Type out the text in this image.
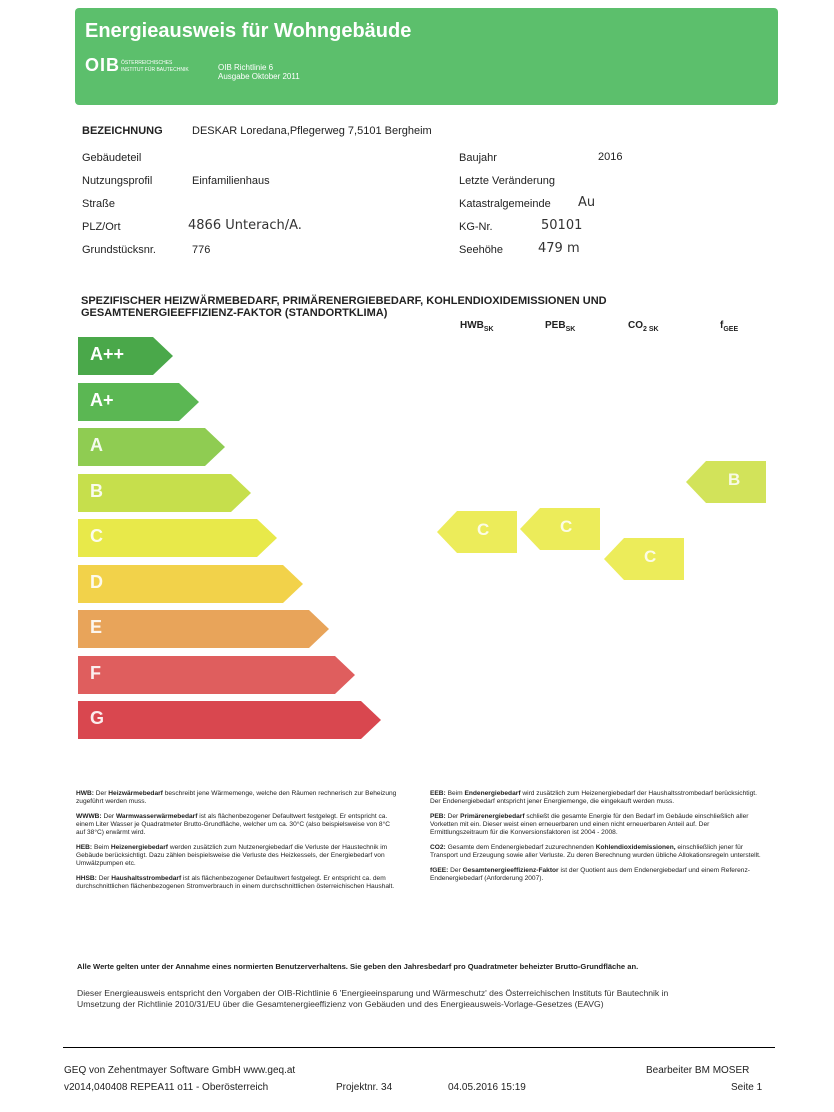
Energieausweis für Wohngebäude
OIB ÖSTERREICHISCHES
INSTITUT FÜR BAUTECHNIK	OIB Richtlinie 6
Ausgabe Oktober 2011
BEZEICHNUNG	DESKAR Loredana,Pflegerweg 7,5101 Bergheim
Gebäudeteil
Nutzungsprofil	Einfamilienhaus
Straße
PLZ/Ort	4866 Unterach/A.
Grundstücksnr.	776
Baujahr	2016
Letzte Veränderung
Katastralgemeinde Au
KG-Nr.	50101
Seehöhe	479 m
SPEZIFISCHER HEIZWÄRMEBEDARF, PRIMÄRENERGIEBEDARF, KOHLENDIOXIDEMISSIONEN UND
GESAMTENERGIEEFFIZIENZ-FAKTOR (STANDORTKLIMA)
$HWB_{SK}$	$PEB_{SK}$	$CO_{2 SK}$	$f_{GEE}$
A++
A+
A
B
C
D
E
F
G
C	C
C
B
HWB: Der Heizwärmebedarf beschreibt jene Wärmemenge, welche den Räumen rechnerisch zur Beheizung zugeführt werden muss.
WWWB: Der Warmwasserwärmebedarf ist als flächenbezogener Defaultwert festgelegt. Er entspricht ca. einem Liter Wasser je Quadratmeter Brutto-Grundfläche, welcher um ca. 30°C (also beispielsweise von 8°C auf 38°C) erwärmt wird.
HEB: Beim Heizenergiebedarf werden zusätzlich zum Nutzenergiebedarf die Verluste der Haustechnik im Gebäude berücksichtigt. Dazu zählen beispielsweise die Verluste des Heizkessels, der Energiebedarf von Umwälzpumpen etc.
HHSB: Der Haushaltsstrombedarf ist als flächenbezogener Defaultwert festgelegt. Er entspricht ca. dem durchschnittlichen flächenbezogenen Stromverbrauch in einem durchschnittlichen österreichischen Haushalt.
EEB: Beim Endenergiebedarf wird zusätzlich zum Heizenergiebedarf der Haushaltsstrombedarf berücksichtigt. Der Endenergiebedarf entspricht jener Energiemenge, die eingekauft werden muss.
PEB: Der Primärenergiebedarf schließt die gesamte Energie für den Bedarf im Gebäude einschließlich aller Vorketten mit ein. Dieser weist einen erneuerbaren und einen nicht erneuerbaren Anteil auf. Der Ermittlungszeitraum für die Konversionsfaktoren ist 2004 - 2008.
CO2: Gesamte dem Endenergiebedarf zuzurechnenden Kohlendioxidemissionen, einschließlich jener für Transport und Erzeugung sowie aller Verluste. Zu deren Berechnung wurden übliche Allokationsregeln unterstellt.
fGEE: Der Gesamtenergieeffizienz-Faktor ist der Quotient aus dem Endenergiebedarf und einem Referenz-Endenergiebedarf (Anforderung 2007).
Alle Werte gelten unter der Annahme eines normierten Benutzerverhaltens. Sie geben den Jahresbedarf pro Quadratmeter beheizter Brutto-Grundfläche an.
Dieser Energieausweis entspricht den Vorgaben der OIB-Richtlinie 6 'Energieeinsparung und Wärmeschutz' des Österreichischen Instituts für Bautechnik in
Umsetzung der Richtlinie 2010/31/EU über die Gesamtenergieeffizienz von Gebäuden und des Energieausweis-Vorlage-Gesetzes (EAVG)
GEQ von Zehentmayer Software GmbH www.geq.at
v2014,040408 REPEA11 o11 - Oberösterreich	Projektnr. 34	04.05.2016 15:19
Bearbeiter BM MOSER
Seite 1
